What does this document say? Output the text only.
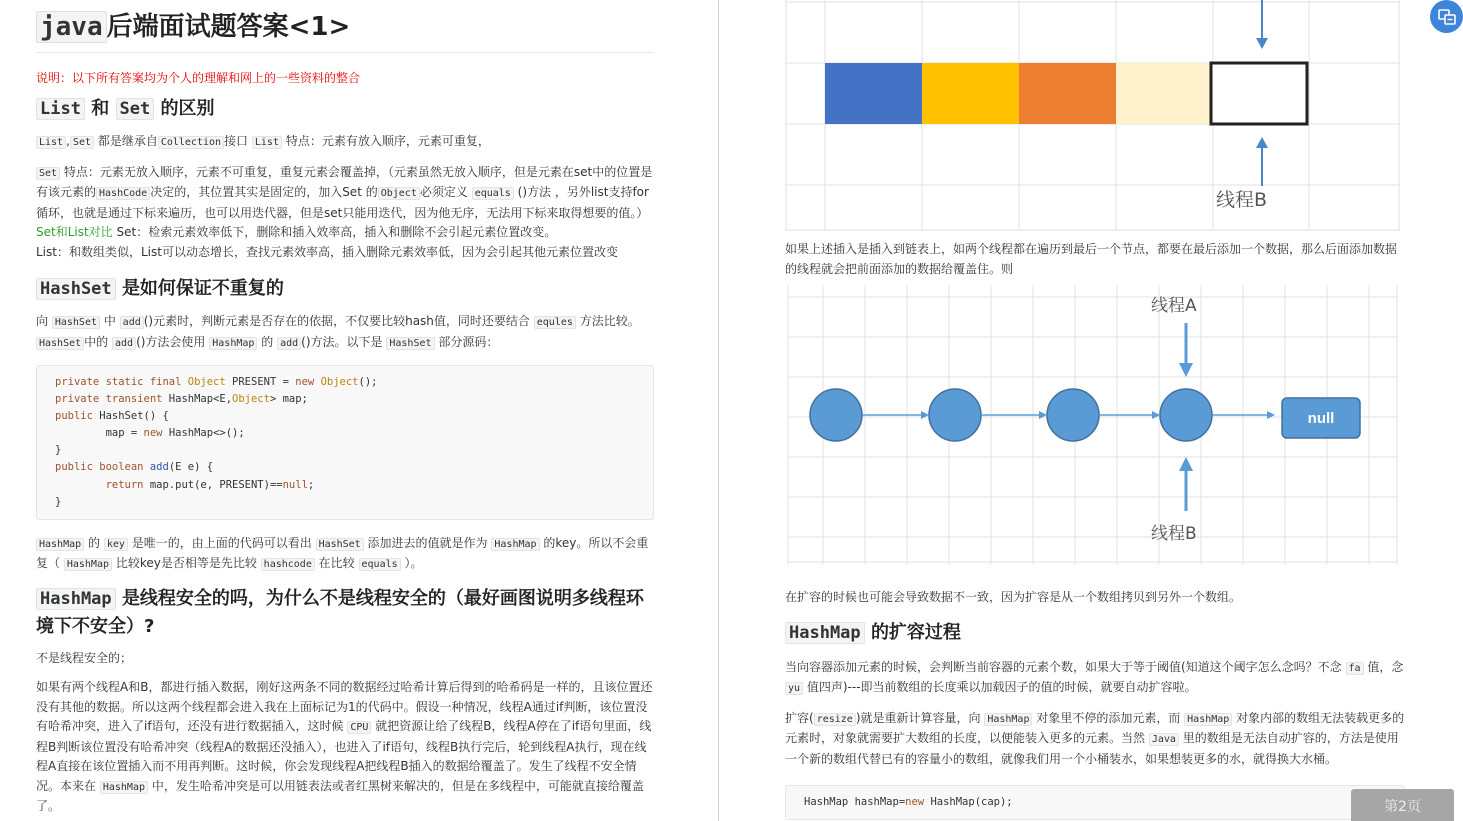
java 后端面试题答案<1>
说明：以下所有答案均为个人的理解和网上的一些资料的整合
List 和 Set 的区别

List , Set 都是继承自 Collection 接口 List 特点：元素有放入顺序，元素可重复，

Set 特点：元素无放入顺序，元素不可重复，重复元素会覆盖掉，（元素虽然无放入顺序，但是元素在set中的位置是有该元素的 HashCode 决定的，其位置其实是固定的，加入Set 的 Object 必须定义 equals ()方法 ，另外list支持for循环，也就是通过下标来遍历，也可以用迭代器，但是set只能用迭代，因为他无序，无法用下标来取得想要的值。） Set和List对比 Set：检索元素效率低下，删除和插入效率高，插入和删除不会引起元素位置改变。

List：和数组类似，List可以动态增长，查找元素效率高，插入删除元素效率低，因为会引起其他元素位置改变

HashSet 是如何保证不重复的

向 HashSet 中 add ()元素时，判断元素是否存在的依据，不仅要比较hash值，同时还要结合 equles 方法比较。
HashSet 中的 add ()方法会使用 HashMap 的 add ()方法。以下是 HashSet 部分源码：

private static final Object PRESENT = new Object();
private transient HashMap<E,Object> map;
public HashSet() {
map = new HashMap<>();
}
public boolean add(E e) {
return map.put(e, PRESENT)==null;
}

HashMap 的 key 是唯一的，由上面的代码可以看出 HashSet 添加进去的值就是作为 HashMap 的key。所以不会重复（ HashMap 比较key是否相等是先比较 hashcode 在比较 equals ）。

HashMap 是线程安全的吗，为什么不是线程安全的（最好画图说明多线程环境下不安全）?

不是线程安全的；

如果有两个线程A和B，都进行插入数据，刚好这两条不同的数据经过哈希计算后得到的哈希码是一样的，且该位置还没有其他的数据。所以这两个线程都会进入我在上面标记为1的代码中。假设一种情况，线程A通过if判断，该位置没有哈希冲突，进入了if语句，还没有进行数据插入，这时候 CPU 就把资源让给了线程B，线程A停在了if语句里面，线程B判断该位置没有哈希冲突（线程A的数据还没插入），也进入了if语句，线程B执行完后，轮到线程A执行，现在线程A直接在该位置插入而不用再判断。这时候，你会发现线程A把线程B插入的数据给覆盖了。发生了线程不安全情况。本来在 HashMap 中，发生哈希冲突是可以用链表法或者红黑树来解决的，但是在多线程中，可能就直接给覆盖了。

线程B

如果上述插入是插入到链表上，如两个线程都在遍历到最后一个节点，都要在最后添加一个数据，那么后面添加数据的线程就会把前面添加的数据给覆盖住。则

null
线程A
线程B

在扩容的时候也可能会导致数据不一致，因为扩容是从一个数组拷贝到另外一个数组。

HashMap 的扩容过程

当向容器添加元素的时候，会判断当前容器的元素个数，如果大于等于阈值(知道这个阈字怎么念吗？不念 fa 值，念 yu 值四声)---即当前数组的长度乘以加载因子的值的时候，就要自动扩容啦。

扩容( resize )就是重新计算容量，向 HashMap 对象里不停的添加元素，而 HashMap 对象内部的数组无法装载更多的元素时，对象就需要扩大数组的长度，以便能装入更多的元素。当然 Java 里的数组是无法自动扩容的，方法是使用一个新的数组代替已有的容量小的数组，就像我们用一个小桶装水，如果想装更多的水，就得换大水桶。

HashMap hashMap=new HashMap(cap);	第2页
